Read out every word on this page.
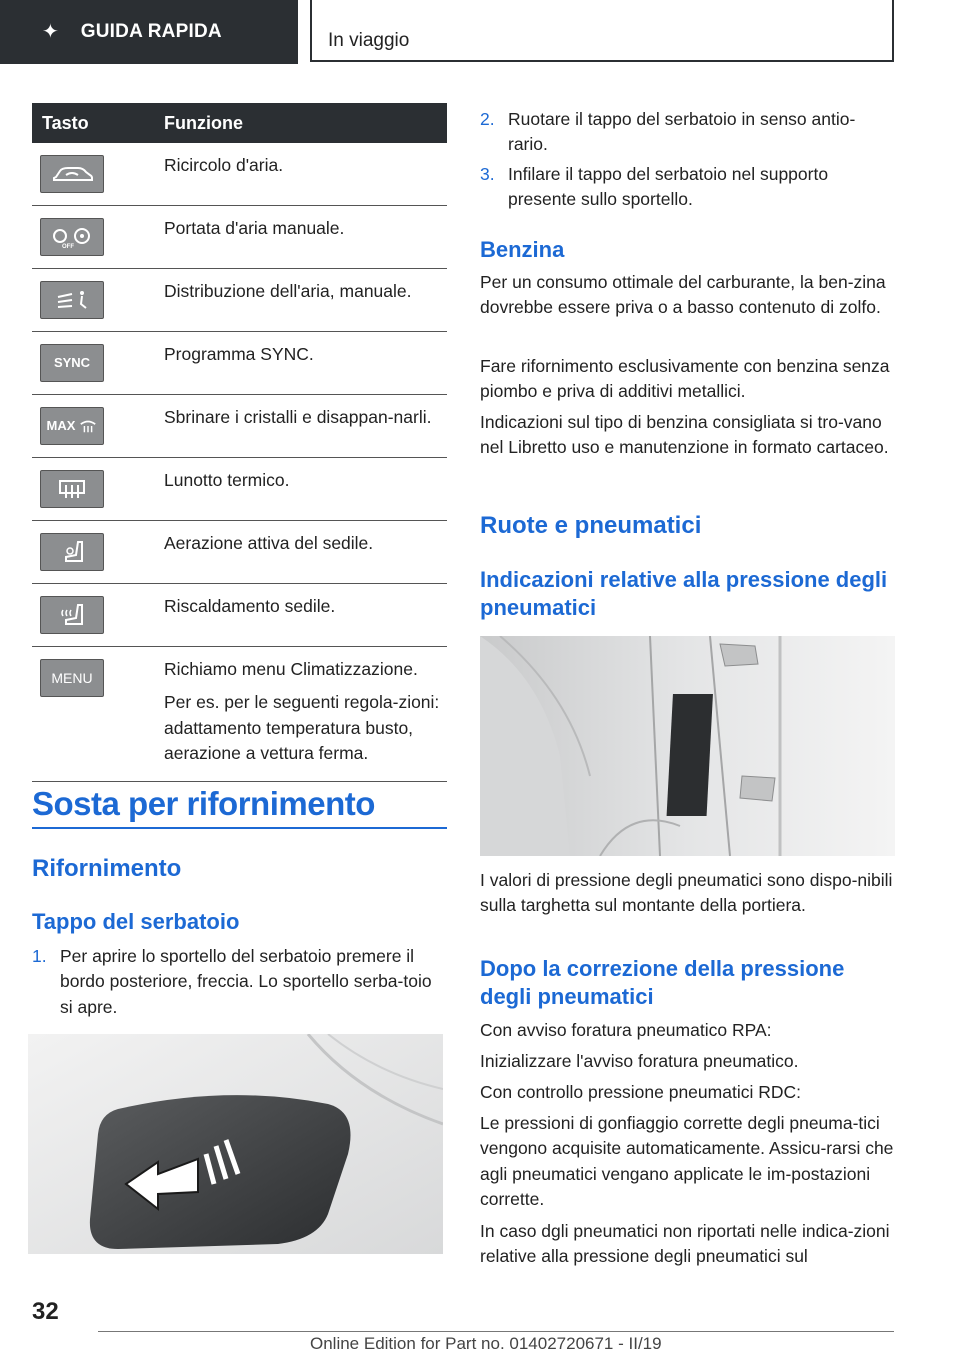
✦ GUIDA RAPIDA	In viaggio
Tasto	Funzione

Ricircolo d'aria.

OFF	Portata d'aria manuale.

Distribuzione dell'aria, manuale.

SYNC	Programma SYNC.

MAX	Sbrinare i cristalli e disappan-narli.

Lunotto termico.

Aerazione attiva del sedile.

Riscaldamento sedile.

MENU	Richiamo menu Climatizzazione.

Per es. per le seguenti regola-zioni: adattamento temperatura busto, aerazione a vettura ferma.

Sosta per rifornimento
Rifornimento
Tappo del serbatoio
1. Per aprire lo sportello del serbatoio premere il bordo posteriore, freccia. Lo sportello serba-toio si apre.
2. Ruotare il tappo del serbatoio in senso antio-rario.
3. Infilare il tappo del serbatoio nel supporto presente sullo sportello.
Benzina

Per un consumo ottimale del carburante, la ben-zina dovrebbe essere priva o a basso contenuto di zolfo.

Fare rifornimento esclusivamente con benzina senza piombo e priva di additivi metallici.

Indicazioni sul tipo di benzina consigliata si tro-vano nel Libretto uso e manutenzione in formato cartaceo.

Ruote e pneumatici
Indicazioni relative alla pressione degli pneumatici

I valori di pressione degli pneumatici sono dispo-nibili sulla targhetta sul montante della portiera.

Dopo la correzione della pressione degli pneumatici

Con avviso foratura pneumatico RPA:

Inizializzare l'avviso foratura pneumatico.

Con controllo pressione pneumatici RDC:

Le pressioni di gonfiaggio corrette degli pneuma-tici vengono acquisite automaticamente. Assicu-rarsi che agli pneumatici vengano applicate le im-postazioni corrette.

In caso dgli pneumatici non riportati nelle indica-zioni relative alla pressione degli pneumatici sul

32
Online Edition for Part no. 01402720671 - II/19
